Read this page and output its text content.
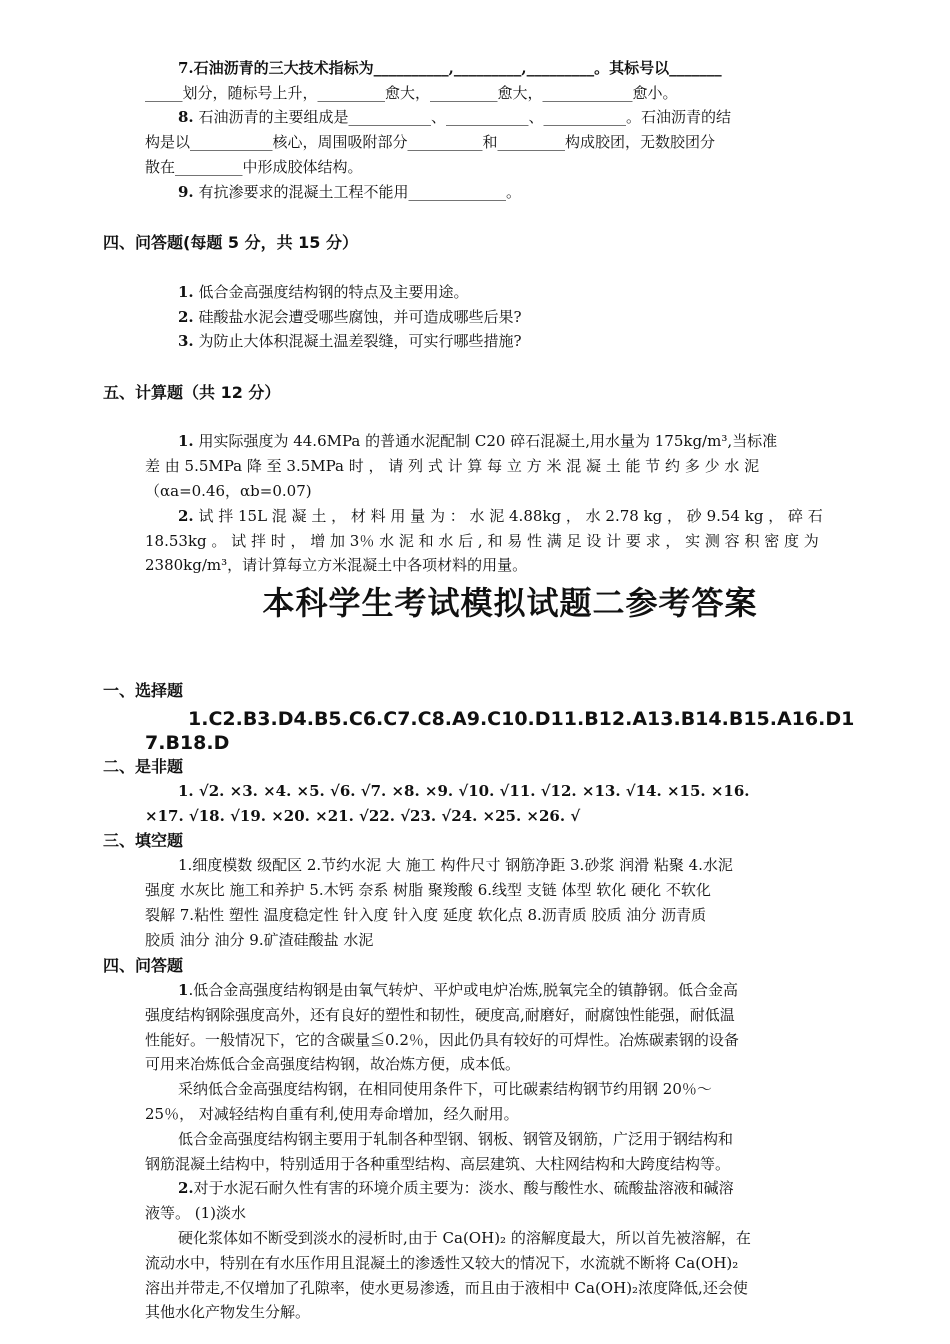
7.石油沥青的三大技术指标为__________,_________,_________。其标号以_______
_____划分，随标号上升，_________愈大，_________愈大，____________愈小。
8. 石油沥青的主要组成是___________、___________、___________。石油沥青的结
构是以___________核心，周围吸附部分__________和_________构成胶团，无数胶团分
散在_________中形成胶体结构。
9. 有抗渗要求的混凝土工程不能用_____________。
四、问答题(每题 5 分，共 15 分）
1. 低合金高强度结构钢的特点及主要用途。
2. 硅酸盐水泥会遭受哪些腐蚀，并可造成哪些后果?
3. 为防止大体积混凝土温差裂缝，可实行哪些措施?
五、计算题（共 12 分）
1. 用实际强度为 44.6MPa 的普通水泥配制 C20 碎石混凝土,用水量为 175kg/m³,当标准
差 由 5.5MPa 降 至 3.5MPa 时 ， 请 列 式 计 算 每 立 方 米 混 凝 土 能 节 约 多 少 水 泥
（αa=0.46，αb=0.07)
2. 试 拌 15L 混 凝 土 ， 材 料 用 量 为 ： 水 泥 4.88kg ， 水 2.78 kg ， 砂 9.54 kg ， 碎 石
18.53kg 。 试 拌 时 ， 增 加 3％ 水 泥 和 水 后 , 和 易 性 满 足 设 计 要 求 ， 实 测 容 积 密 度 为
2380kg/m³，请计算每立方米混凝土中各项材料的用量。
本科学生考试模拟试题二参考答案
一、选择题
1.C2.B3.D4.B5.C6.C7.C8.A9.C10.D11.B12.A13.B14.B15.A16.D1
7.B18.D
二、是非题
1. √2. ×3. ×4. ×5. √6. √7. ×8. ×9. √10. √11. √12. ×13. √14. ×15. ×16.
×17. √18. √19. ×20. ×21. √22. √23. √24. ×25. ×26. √
三、填空题
1.细度模数 级配区 2.节约水泥 大 施工 构件尺寸 钢筋净距 3.砂浆 润滑 粘聚 4.水泥
强度 水灰比 施工和养护 5.木钙 奈系 树脂 聚羧酸 6.线型 支链 体型 软化 硬化 不软化
裂解 7.粘性 塑性 温度稳定性 针入度 针入度 延度 软化点 8.沥青质 胶质 油分 沥青质
胶质 油分 油分 9.矿渣硅酸盐 水泥
四、问答题
1.低合金高强度结构钢是由氧气转炉、平炉或电炉冶炼,脱氧完全的镇静钢。低合金高
强度结构钢除强度高外，还有良好的塑性和韧性，硬度高,耐磨好，耐腐蚀性能强，耐低温
性能好。一般情况下，它的含碳量≦0.2％，因此仍具有较好的可焊性。冶炼碳素钢的设备
可用来冶炼低合金高强度结构钢，故冶炼方便，成本低。
采纳低合金高强度结构钢，在相同使用条件下，可比碳素结构钢节约用钢 20％～
25％， 对减轻结构自重有利,使用寿命增加，经久耐用。
低合金高强度结构钢主要用于轧制各种型钢、钢板、钢管及钢筋，广泛用于钢结构和
钢筋混凝土结构中，特别适用于各种重型结构、高层建筑、大柱网结构和大跨度结构等。
2.对于水泥石耐久性有害的环境介质主要为：淡水、酸与酸性水、硫酸盐溶液和碱溶
液等。 (1)淡水
硬化浆体如不断受到淡水的浸析时,由于 Ca(OH)₂ 的溶解度最大，所以首先被溶解，在
流动水中，特别在有水压作用且混凝土的渗透性又较大的情况下，水流就不断将 Ca(OH)₂
溶出并带走,不仅增加了孔隙率，使水更易渗透，而且由于液相中 Ca(OH)₂浓度降低,还会使
其他水化产物发生分解。
